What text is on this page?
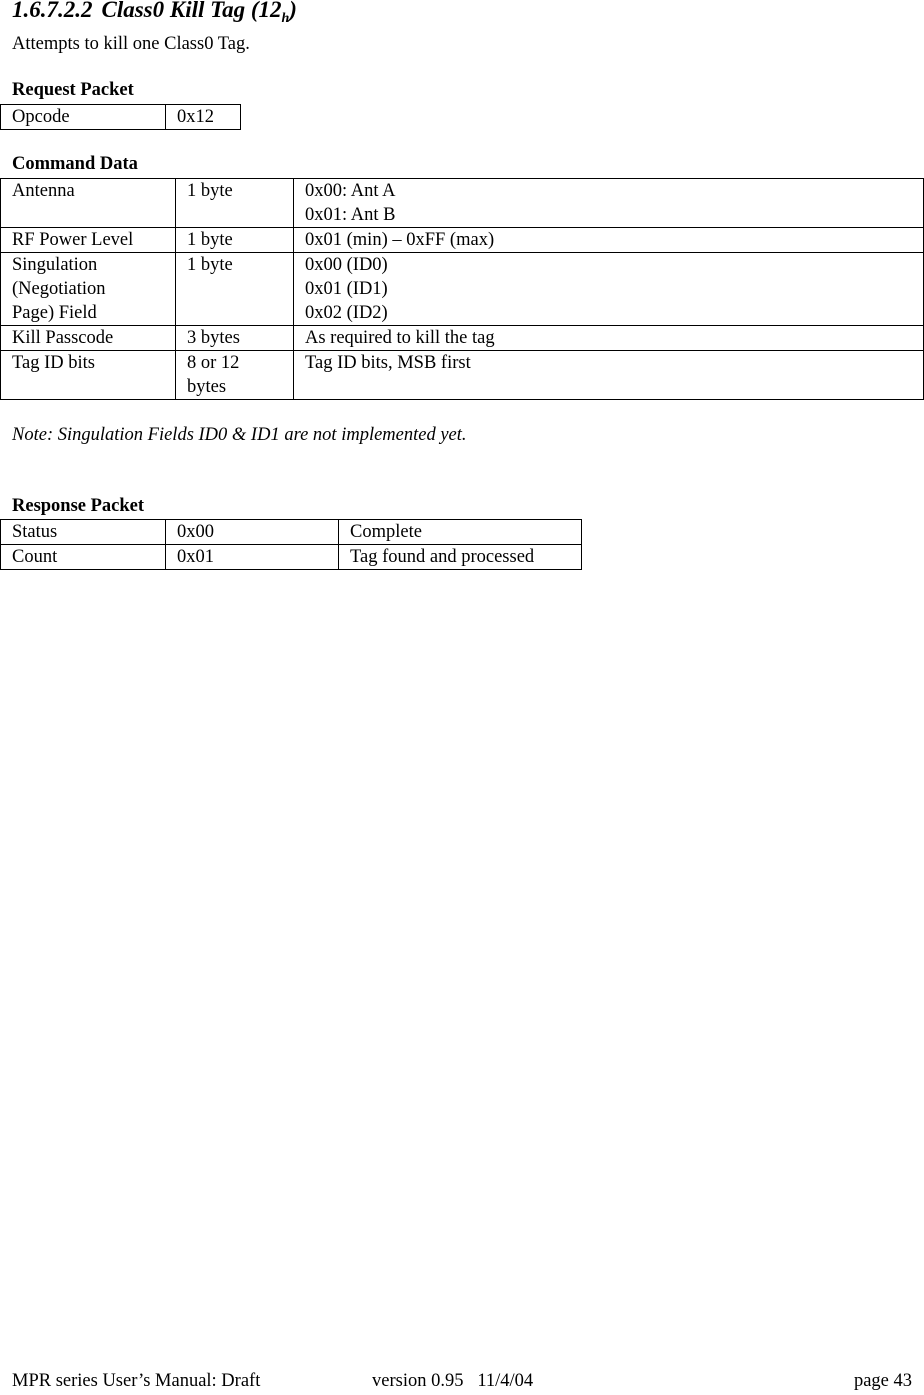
1.6.7.2.2 Class0 Kill Tag $(12_h)$
Attempts to kill one Class0 Tag.
Request Packet
Opcode	0x12
Command Data
Antenna	1 byte	0x00: Ant A
0x01: Ant B

RF Power Level	1 byte	0x01 (min) – 0xFF (max)

Singulation
(Negotiation
Page) Field	1 byte	0x00 (ID0)
0x01 (ID1)
0x02 (ID2)

Kill Passcode	3 bytes	As required to kill the tag

Tag ID bits	8 or 12
bytes	Tag ID bits, MSB first
Note: Singulation Fields ID0 & ID1 are not implemented yet.
Response Packet
Status	0x00	Complete
Count	0x01	Tag found and processed
MPR series User’s Manual: Draft	version 0.95   11/4/04	page 43
